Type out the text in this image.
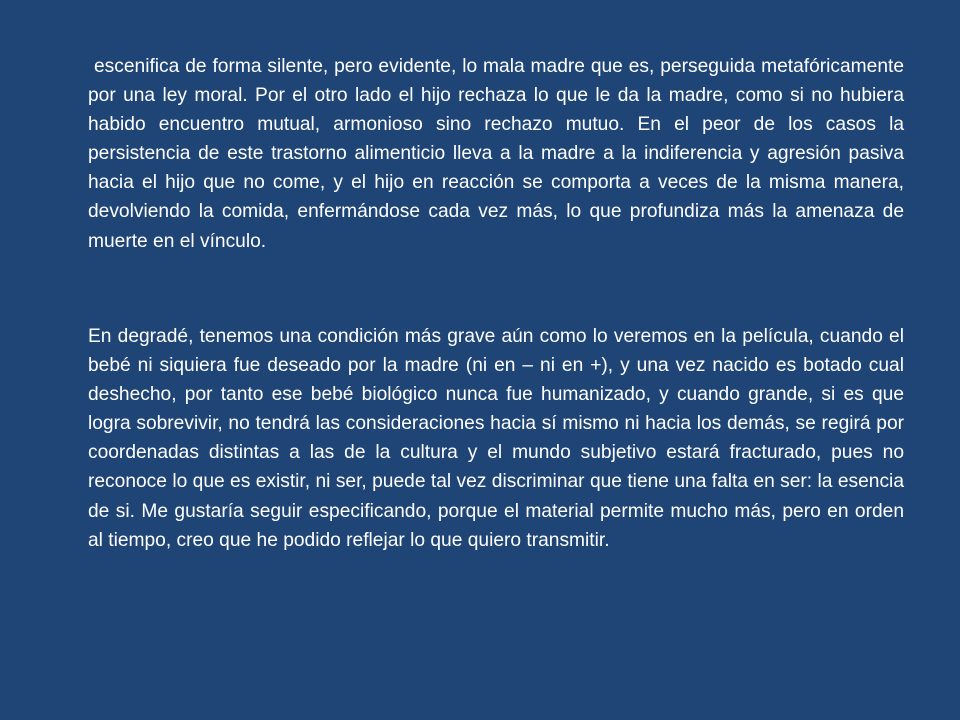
escenifica de forma silente, pero evidente, lo mala madre que es, perseguida metafóricamente por una ley moral. Por el otro lado el hijo rechaza lo que le da la madre, como si no hubiera habido encuentro mutual, armonioso sino rechazo mutuo. En el peor de los casos la persistencia de este trastorno alimenticio lleva a la madre a la indiferencia y agresión pasiva hacia el hijo que no come, y el hijo en reacción se comporta a veces de la misma manera, devolviendo la comida, enfermándose cada vez más, lo que profundiza más la amenaza de muerte en el vínculo.
En degradé, tenemos una condición más grave aún como lo veremos en la película, cuando el bebé ni siquiera fue deseado por la madre (ni en – ni en +), y una vez nacido es botado cual deshecho, por tanto ese bebé biológico nunca fue humanizado, y cuando grande, si es que logra sobrevivir, no tendrá las consideraciones hacia sí mismo ni hacia los demás, se regirá por coordenadas distintas a las de la cultura y el mundo subjetivo estará fracturado, pues no reconoce lo que es existir, ni ser, puede tal vez discriminar que tiene una falta en ser: la esencia de si. Me gustaría seguir especificando, porque el material permite mucho más, pero en orden al tiempo, creo que he podido reflejar lo que quiero transmitir.
